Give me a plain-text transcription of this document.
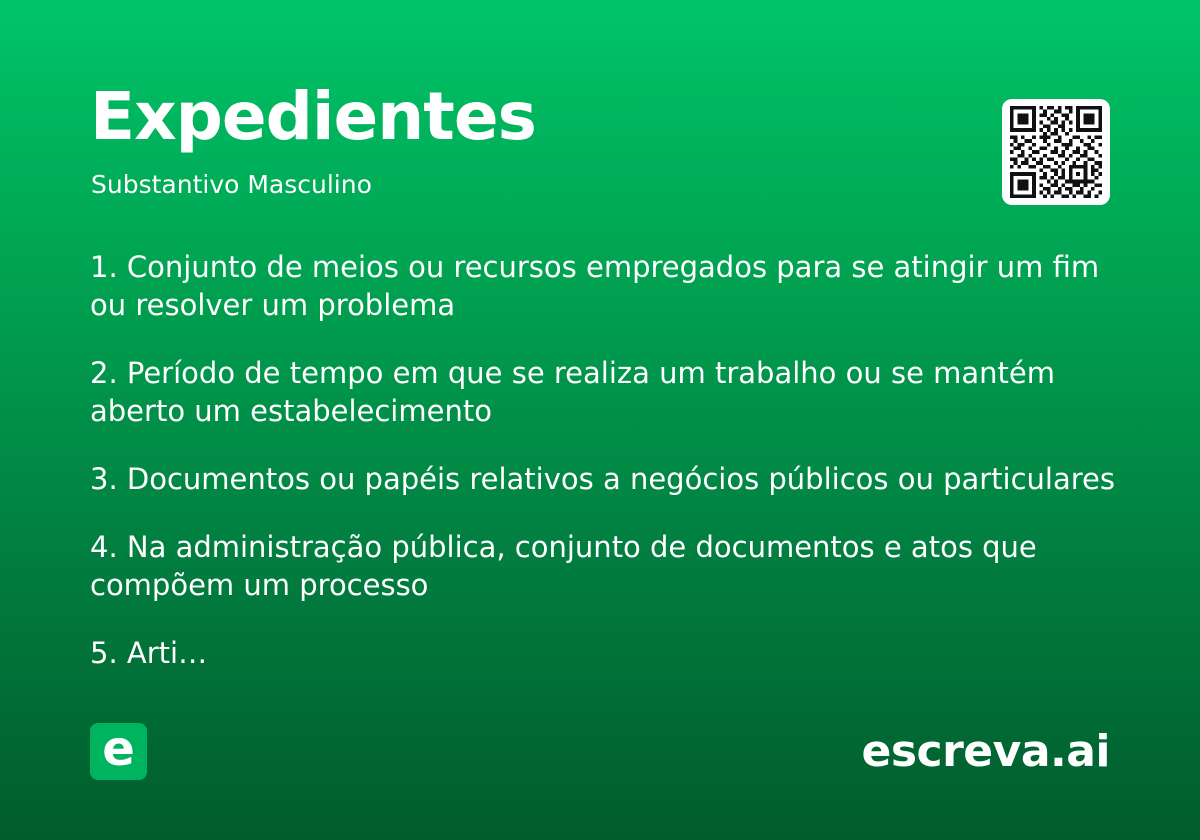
Expedientes
Substantivo Masculino

1. Conjunto de meios ou recursos empregados para se atingir um fim ou resolver um problema

2. Período de tempo em que se realiza um trabalho ou se mantém aberto um estabelecimento

3. Documentos ou papéis relativos a negócios públicos ou particulares

4. Na administração pública, conjunto de documentos e atos que compõem um processo

5. Arti…

e	escreva.ai
